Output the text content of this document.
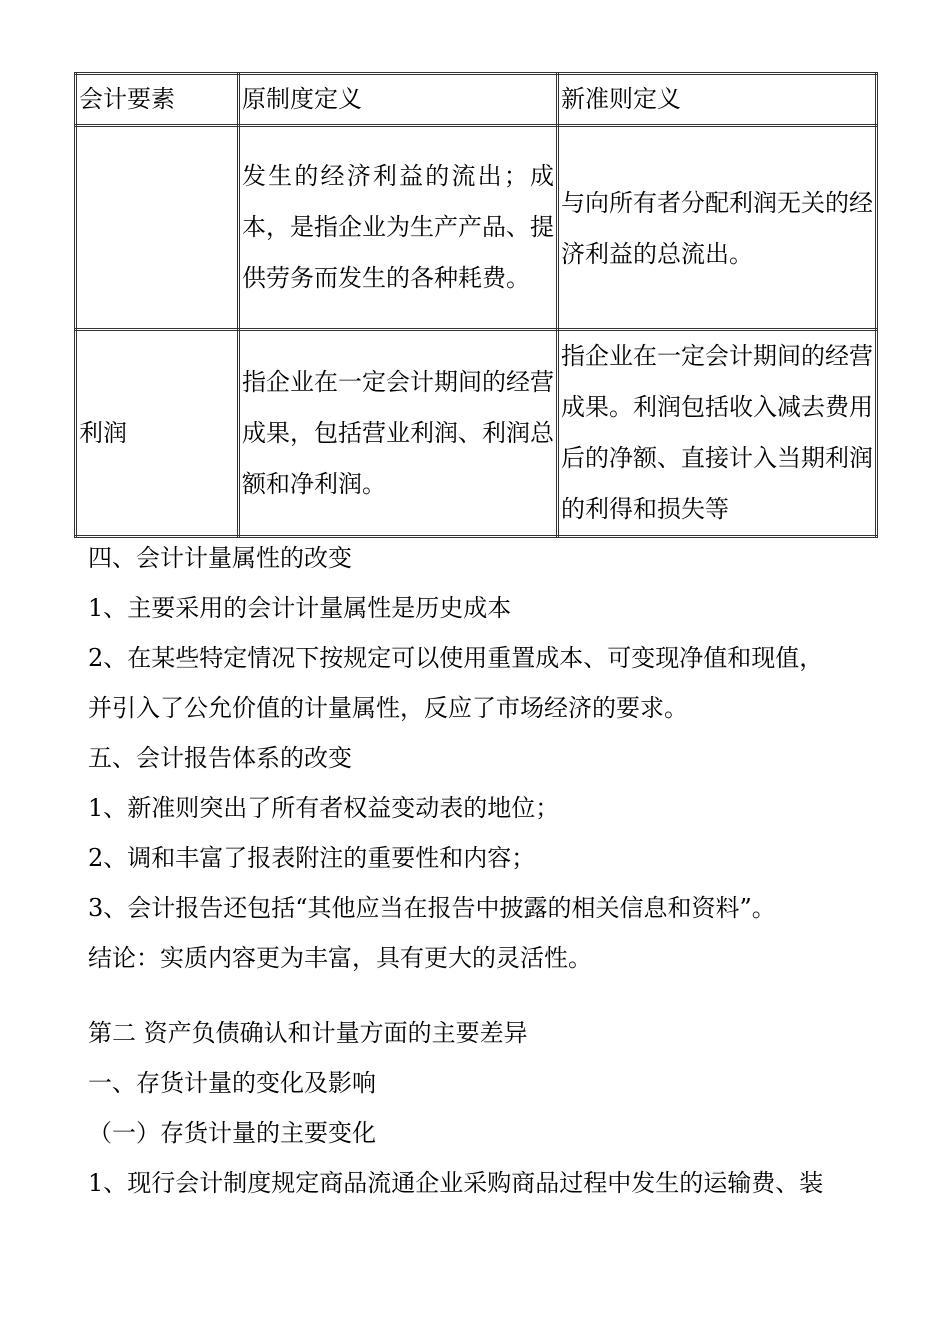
会计要素	原制度定义	新准则定义
	发生的经济利益的流出；成本，是指企业为生产产品、提供劳务而发生的各种耗费。	与向所有者分配利润无关的经济利益的总流出。
利润	指企业在一定会计期间的经营成果，包括营业利润、利润总额和净利润。	指企业在一定会计期间的经营成果。利润包括收入减去费用后的净额、直接计入当期利润的利得和损失等
四、会计计量属性的改变
1、主要采用的会计计量属性是历史成本
2、在某些特定情况下按规定可以使用重置成本、可变现净值和现值，
并引入了公允价值的计量属性，反应了市场经济的要求。
五、会计报告体系的改变
1、新准则突出了所有者权益变动表的地位；
2、调和丰富了报表附注的重要性和内容；
3、会计报告还包括“其他应当在报告中披露的相关信息和资料”。
结论：实质内容更为丰富，具有更大的灵活性。
第二 资产负债确认和计量方面的主要差异
一、存货计量的变化及影响
（一）存货计量的主要变化
1、现行会计制度规定商品流通企业采购商品过程中发生的运输费、装
